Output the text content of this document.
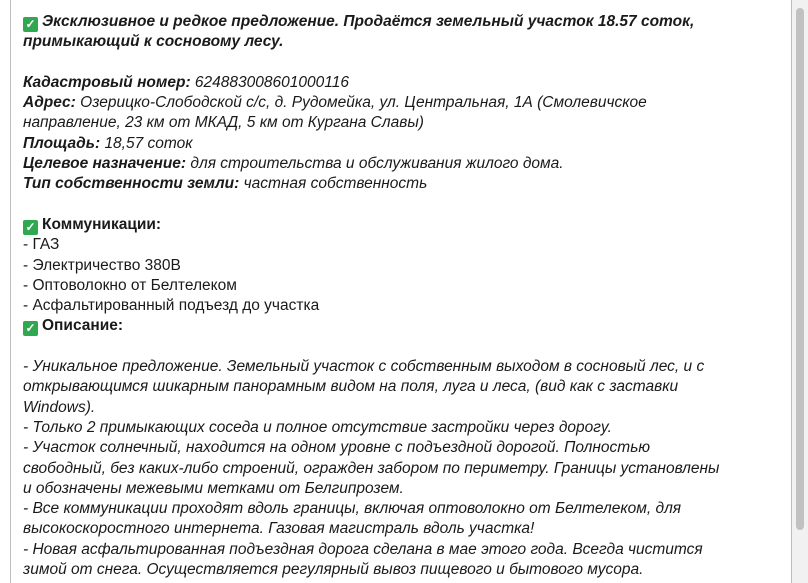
✓ Эксклюзивное и редкое предложение. Продаётся земельный участок 18.57 соток,
примыкающий к сосновому лесу.
Кадастровый номер: 624883008601000116
Адрес: Озерицко-Слободской с/с, д. Рудомейка, ул. Центральная, 1А (Смолевичское
направление, 23 км от МКАД, 5 км от Кургана Славы)
Площадь: 18,57 соток
Целевое назначение: для строительства и обслуживания жилого дома.
Тип собственности земли: частная собственность
✓ Коммуникации:
- ГАЗ
- Электричество 380В
- Оптоволокно от Белтелеком
- Асфальтированный подъезд до участка
✓ Описание:
- Уникальное предложение. Земельный участок с собственным выходом в сосновый лес, и с
открывающимся шикарным панорамным видом на поля, луга и леса, (вид как с заставки
Windows).
- Только 2 примыкающих соседа и полное отсутствие застройки через дорогу.
- Участок солнечный, находится на одном уровне с подъездной дорогой. Полностью
свободный, без каких-либо строений, огражден забором по периметру. Границы установлены
и обозначены межевыми метками от Белгипрозем.
- Все коммуникации проходят вдоль границы, включая оптоволокно от Белтелеком, для
высокоскоростного интернета. Газовая магистраль вдоль участка!
- Новая асфальтированная подъездная дорога сделана в мае этого года. Всегда чистится
зимой от снега. Осуществляется регулярный вывоз пищевого и бытового мусора.
